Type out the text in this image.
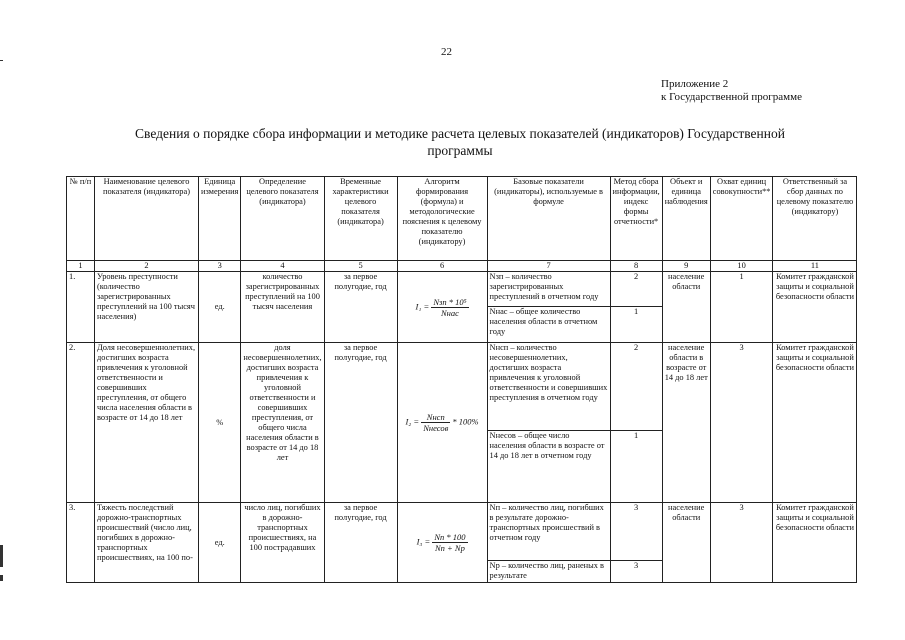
22
Приложение 2
к Государственной программе
Сведения о порядке сбора информации и методике расчета целевых показателей (индикаторов) Государственной
программы
№ п/п	Наименование целевого показателя (индикатора)	Единица измерения	Определение целевого показателя (индикатора)	Временные характеристики целевого показателя (индикатора)	Алгоритм формирования (формула) и методологические пояснения к целевому показателю (индикатору)	Базовые показатели (индикаторы), используемые в формуле	Метод сбора информации, индекс формы отчетности*	Объект и единица наблюдения	Охват единиц совокупности**	Ответственный за сбор данных по целевому показателю (индикатору)
1	2	3	4	5	6	7	8	9	10	11
1.	Уровень преступности (количество зарегистрированных преступлений на 100 тысяч населения)	ед.	количество зарегистрированных преступлений на 100 тысяч населения	за первое полугодие, год	$I_1 = \frac{\text{Nзп * 10⁵}}{\text{Nнас}}$	Nзп – количество зарегистрированных преступлений в отчетном году	2	население области	1	Комитет гражданской защиты и социальной безопасности области
						Nнас – общее количество населения области в отчетном году	1			
2.	Доля несовершеннолетних, достигших возраста привлечения к уголовной ответственности и совершивших преступления, от общего числа населения области в возрасте от 14 до 18 лет	%	доля несовершеннолетних, достигших возраста привлечения к уголовной ответственности и совершивших преступления, от общего числа населения области в возрасте от 14 до 18 лет	за первое полугодие, год	$I_2 = \frac{\text{Nнсп}}{\text{Nнесов}} * 100\%$	Nнсп – количество несовершеннолетних, достигших возраста привлечения к уголовной ответственности и совершивших преступления в отчетном году	2	население области в возрасте от 14 до 18 лет	3	Комитет гражданской защиты и социальной безопасности области
						Nнесов – общее число населения области в возрасте от 14 до 18 лет в отчетном году	1			
3.	Тяжесть последствий дорожно-транспортных происшествий (число лиц, погибших в дорожно-транспортных происшествиях, на 100 по-	ед.	число лиц, погибших в дорожно-транспортных происшествиях, на 100 пострадавших	за первое полугодие, год	$I_3 = \frac{Nп * 100}{Nп + Nр}$	Nп – количество лиц, погибших в результате дорожно-транспортных происшествий в отчетном году	3	население области	3	Комитет гражданской защиты и социальной безопасности области
						Nр – количество лиц, раненых в результате	3			
